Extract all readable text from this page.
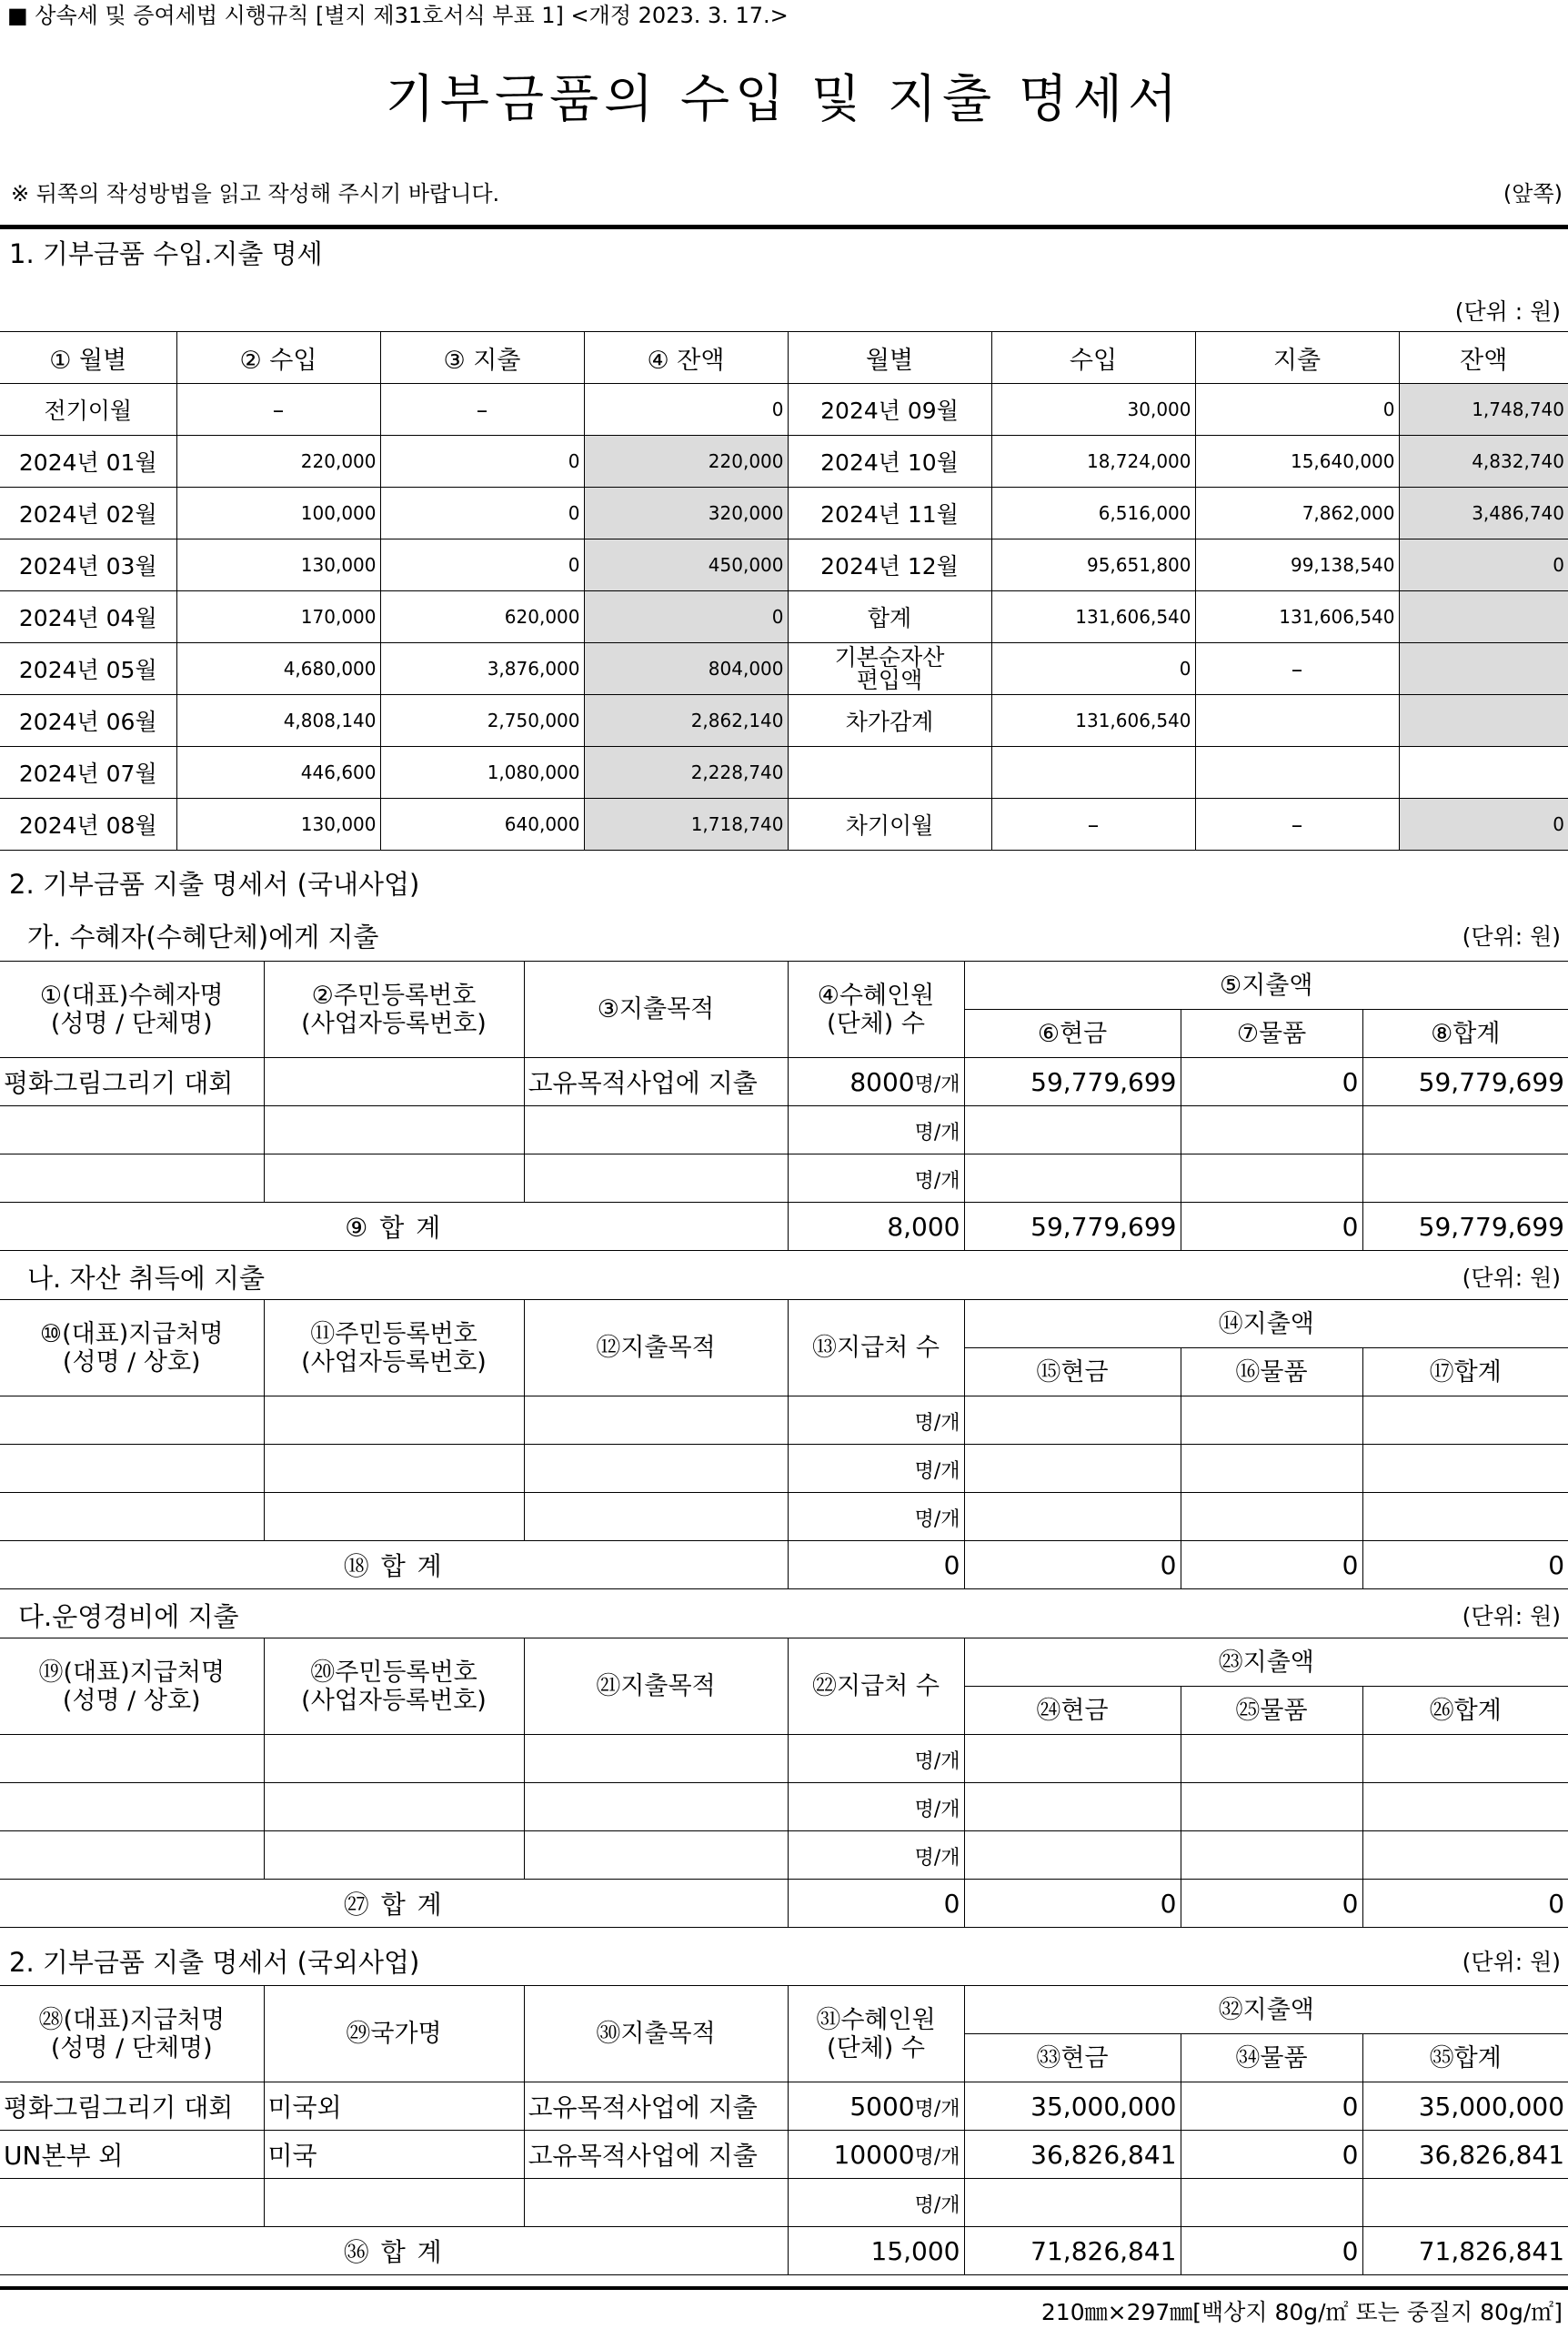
■ 상속세 및 증여세법 시행규칙 [별지 제31호서식 부표 1] <개정 2023. 3. 17.>
기부금품의 수입 및 지출 명세서
※ 뒤쪽의 작성방법을 읽고 작성해 주시기 바랍니다.	(앞쪽)
1. 기부금품 수입.지출 명세
(단위 : 원)
① 월별	② 수입	③ 지출	④ 잔액	월별	수입	지출	잔액
전기이월	–	–	0	2024년 09월	30,000	0	1,748,740
2024년 01월	220,000	0	220,000	2024년 10월	18,724,000	15,640,000	4,832,740
2024년 02월	100,000	0	320,000	2024년 11월	6,516,000	7,862,000	3,486,740
2024년 03월	130,000	0	450,000	2024년 12월	95,651,800	99,138,540	0
2024년 04월	170,000	620,000	0	합계	131,606,540	131,606,540	
2024년 05월	4,680,000	3,876,000	804,000	기본순자산
편입액	0	–	
2024년 06월	4,808,140	2,750,000	2,862,140	차가감계	131,606,540		
2024년 07월	446,600	1,080,000	2,228,740				
2024년 08월	130,000	640,000	1,718,740	차기이월	–	–	0
2. 기부금품 지출 명세서 (국내사업)
가. 수혜자(수혜단체)에게 지출	(단위: 원)
①(대표)수혜자명
(성명 / 단체명)	②주민등록번호
(사업자등록번호)	③지출목적	④수혜인원
(단체) 수	⑤지출액		
				⑥현금	⑦물품	⑧합계
평화그림그리기 대회		고유목적사업에 지출	8000명/개	59,779,699	0	59,779,699
			명/개			
			명/개			
⑨ 합 계			8,000	59,779,699	0	59,779,699
나. 자산 취득에 지출	(단위: 원)
⑩(대표)지급처명
(성명 / 상호)	⑪주민등록번호
(사업자등록번호)	⑫지출목적	⑬지급처 수	⑭지출액		
				⑮현금	⑯물품	⑰합계
			명/개			
			명/개			
			명/개			
⑱ 합 계			0	0	0	0
다.운영경비에 지출	(단위: 원)
⑲(대표)지급처명
(성명 / 상호)	⑳주민등록번호
(사업자등록번호)	㉑지출목적	㉒지급처 수	㉓지출액		
				㉔현금	㉕물품	㉖합계
			명/개			
			명/개			
			명/개			
㉗ 합 계			0	0	0	0
2. 기부금품 지출 명세서 (국외사업)	(단위: 원)
㉘(대표)지급처명
(성명 / 단체명)	㉙국가명	㉚지출목적	㉛수혜인원
(단체) 수	㉜지출액		
				㉝현금	㉞물품	㉟합계
평화그림그리기 대회	미국외	고유목적사업에 지출	5000명/개	35,000,000	0	35,000,000
UN본부 외	미국	고유목적사업에 지출	10000명/개	36,826,841	0	36,826,841
			명/개			
㊱ 합 계			15,000	71,826,841	0	71,826,841
210㎜×297㎜[백상지 80g/㎡ 또는 중질지 80g/㎡]
